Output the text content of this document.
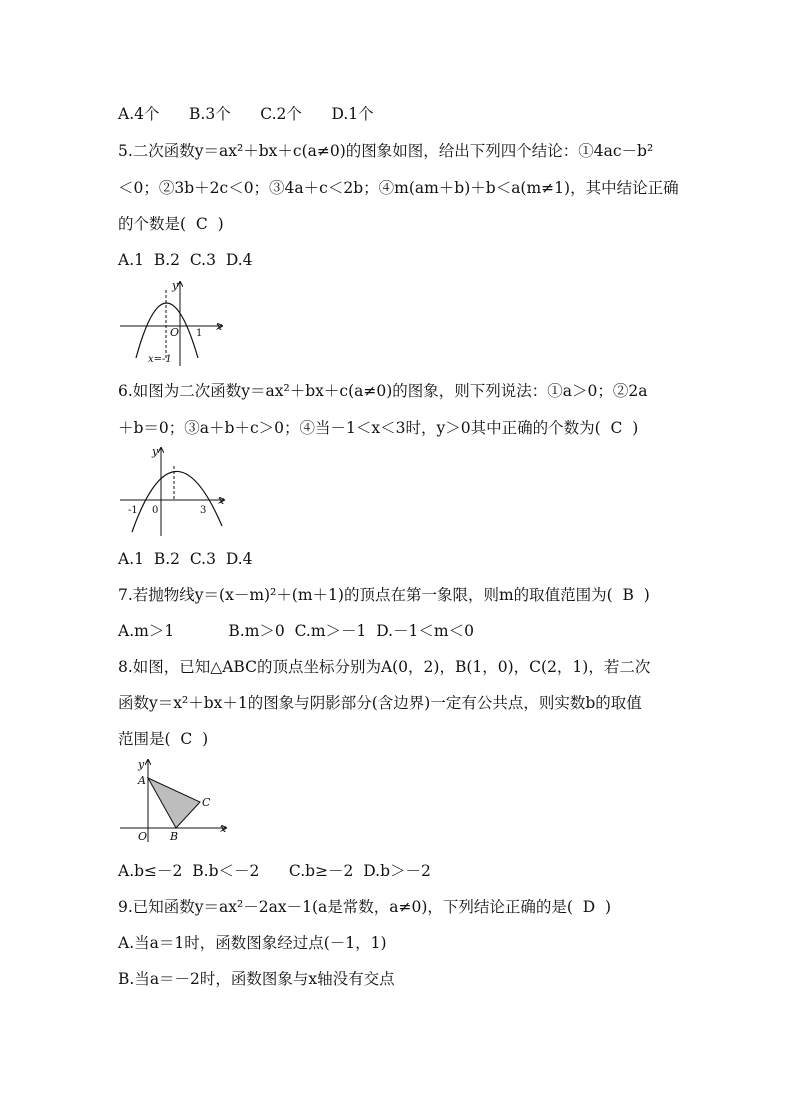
A.4个      B.3个      C.2个      D.1个
5.二次函数y＝ax²＋bx＋c(a≠0)的图象如图，给出下列四个结论：①4ac－b²
＜0；②3b＋2c＜0；③4a＋c＜2b；④m(am＋b)＋b＜a(m≠1)，其中结论正确
的个数是(  C  )
A.1  B.2  C.3  D.4
y
x
O 1
x=-1
6.如图为二次函数y＝ax²＋bx＋c(a≠0)的图象，则下列说法：①a＞0；②2a
＋b＝0；③a＋b＋c＞0；④当－1＜x＜3时，y＞0其中正确的个数为(  C  )
y
x
-1 0	3
A.1  B.2  C.3  D.4
7.若抛物线y＝(x－m)²＋(m＋1)的顶点在第一象限，则m的取值范围为(  B  )
A.m＞1           B.m＞0  C.m＞－1  D.－1＜m＜0
8.如图，已知△ABC的顶点坐标分别为A(0，2)，B(1，0)，C(2，1)，若二次
函数y＝x²＋bx＋1的图象与阴影部分(含边界)一定有公共点，则实数b的取值
范围是(  C  )
y
x
A
B
C
O
A.b≤－2  B.b＜－2      C.b≥－2  D.b＞－2
9.已知函数y＝ax²－2ax－1(a是常数，a≠0)，下列结论正确的是(  D  )
A.当a＝1时，函数图象经过点(－1，1)
B.当a＝－2时，函数图象与x轴没有交点
